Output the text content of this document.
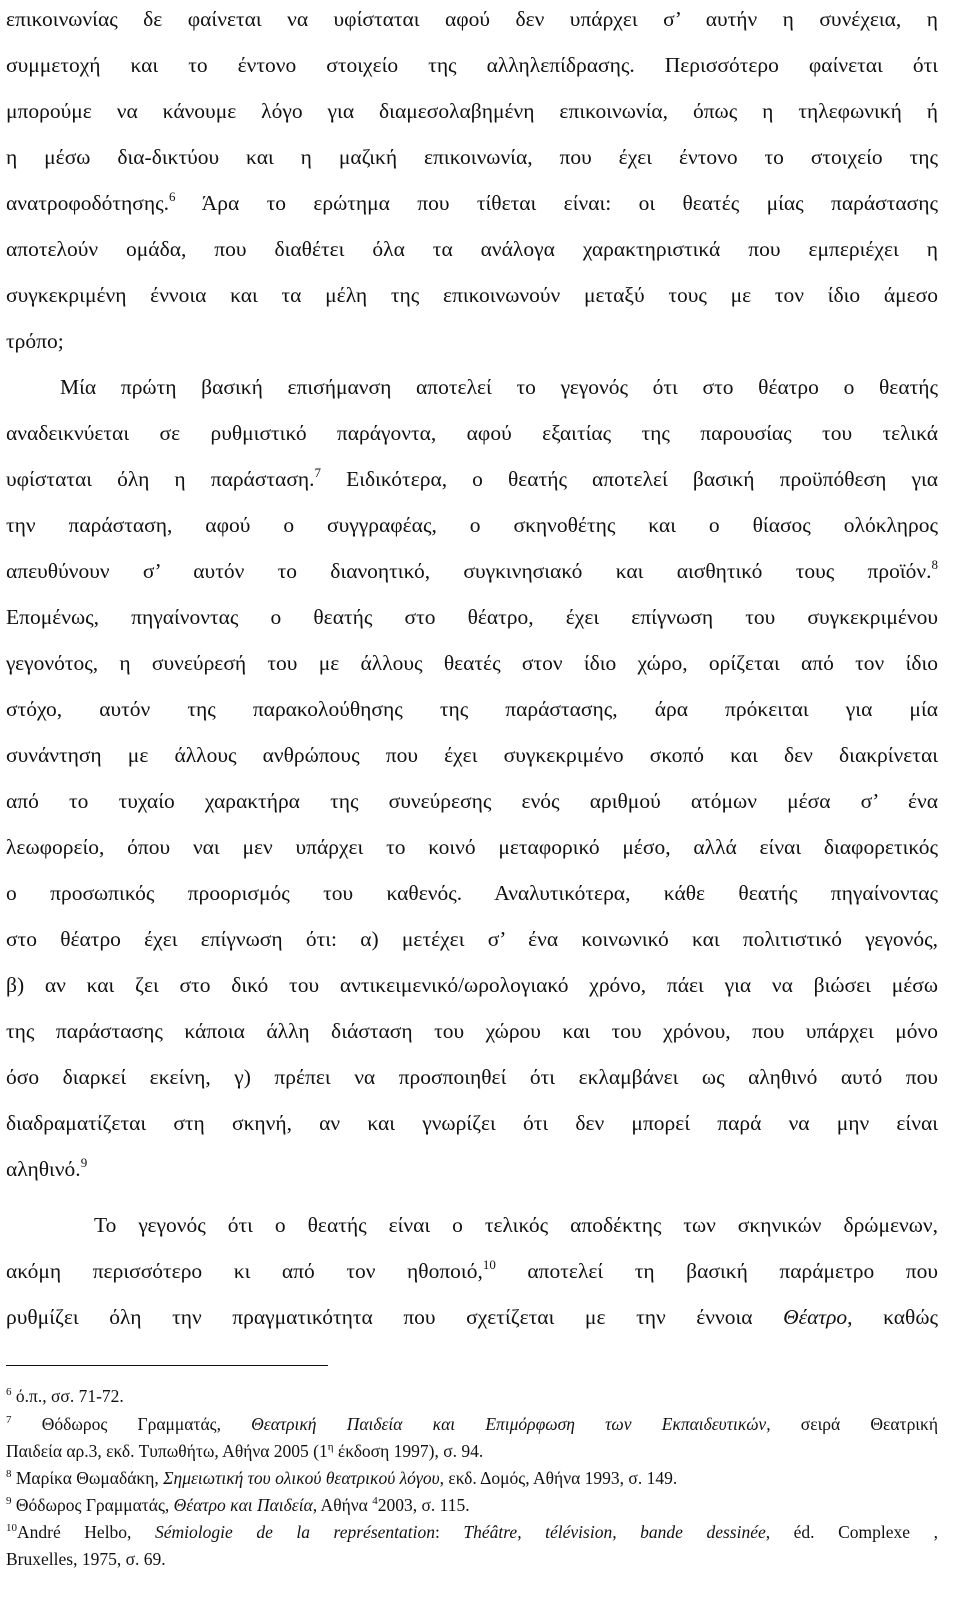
επικοινωνίας δε φαίνεται να υφίσταται αφού δεν υπάρχει σ’ αυτήν η συνέχεια, η
συμμετοχή και το έντονο στοιχείο της αλληλεπίδρασης. Περισσότερο φαίνεται ότι
μπορούμε να κάνουμε λόγο για διαμεσολαβημένη επικοινωνία, όπως η τηλεφωνική ή
η μέσω δια-δικτύου και η μαζική επικοινωνία, που έχει έντονο το στοιχείο της
ανατροφοδότησης.$^6$ Άρα το ερώτημα που τίθεται είναι: οι θεατές μίας παράστασης
αποτελούν ομάδα, που διαθέτει όλα τα ανάλογα χαρακτηριστικά που εμπεριέχει η
συγκεκριμένη έννοια και τα μέλη της επικοινωνούν μεταξύ τους με τον ίδιο άμεσο
τρόπο;
Μία πρώτη βασική επισήμανση αποτελεί το γεγονός ότι στο θέατρο ο θεατής
αναδεικνύεται σε ρυθμιστικό παράγοντα, αφού εξαιτίας της παρουσίας του τελικά
υφίσταται όλη η παράσταση.$^7$ Ειδικότερα, ο θεατής αποτελεί βασική προϋπόθεση για
την παράσταση, αφού ο συγγραφέας, ο σκηνοθέτης και ο θίασος ολόκληρος
απευθύνουν σ’ αυτόν το διανοητικό, συγκινησιακό και αισθητικό τους προϊόν.$^8$
Επομένως, πηγαίνοντας ο θεατής στο θέατρο, έχει επίγνωση του συγκεκριμένου
γεγονότος, η συνεύρεσή του με άλλους θεατές στον ίδιο χώρο, ορίζεται από τον ίδιο
στόχο, αυτόν της παρακολούθησης της παράστασης, άρα πρόκειται για μία
συνάντηση με άλλους ανθρώπους που έχει συγκεκριμένο σκοπό και δεν διακρίνεται
από το τυχαίο χαρακτήρα της συνεύρεσης ενός αριθμού ατόμων μέσα σ’ ένα
λεωφορείο, όπου ναι μεν υπάρχει το κοινό μεταφορικό μέσο, αλλά είναι διαφορετικός
ο προσωπικός προορισμός του καθενός. Αναλυτικότερα, κάθε θεατής πηγαίνοντας
στο θέατρο έχει επίγνωση ότι: α) μετέχει σ’ ένα κοινωνικό και πολιτιστικό γεγονός,
β) αν και ζει στο δικό του αντικειμενικό/ωρολογιακό χρόνο, πάει για να βιώσει μέσω
της παράστασης κάποια άλλη διάσταση του χώρου και του χρόνου, που υπάρχει μόνο
όσο διαρκεί εκείνη, γ) πρέπει να προσποιηθεί ότι εκλαμβάνει ως αληθινό αυτό που
διαδραματίζεται στη σκηνή, αν και γνωρίζει ότι δεν μπορεί παρά να μην είναι
αληθινό.$^9$
Το γεγονός ότι ο θεατής είναι ο τελικός αποδέκτης των σκηνικών δρώμενων,
ακόμη περισσότερο κι από τον ηθοποιό,$^{10}$ αποτελεί τη βασική παράμετρο που
ρυθμίζει όλη την πραγματικότητα που σχετίζεται με την έννοια Θέατρο, καθώς
$^6$ ό.π., σσ. 71-72.
$^7$ Θόδωρος Γραμματάς, Θεατρική Παιδεία και Επιμόρφωση των Εκπαιδευτικών, σειρά Θεατρική
Παιδεία αρ.3, εκδ. Τυπωθήτω, Αθήνα 2005 ($1^\eta$ έκδοση 1997), σ. 94.
$^8$ Μαρίκα Θωμαδάκη, Σημειωτική του ολικού θεατρικού λόγου, εκδ. Δομός, Αθήνα 1993, σ. 149.
$^9$ Θόδωρος Γραμματάς, Θέατρο και Παιδεία, Αθήνα $^4$2003, σ. 115.
$^{10}$André Helbo, Sémiologie de la représentation: Théâtre, télévision, bande dessinée, éd. Complexe ,
Bruxelles, 1975, σ. 69.
